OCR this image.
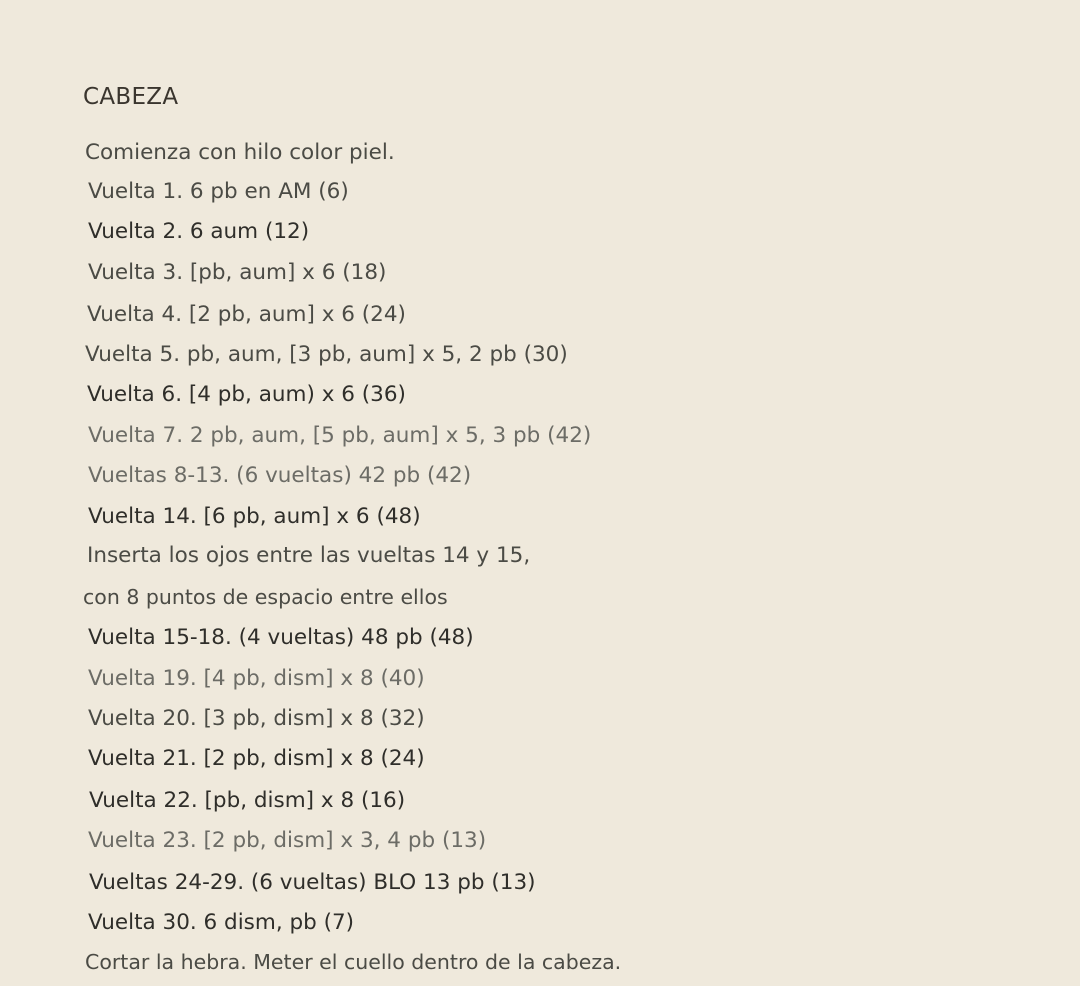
CABEZA
Comienza con hilo color piel.
Vuelta 1. 6 pb en AM (6)
Vuelta 2. 6 aum (12)
Vuelta 3. [pb, aum] x 6 (18)
Vuelta 4. [2 pb, aum] x 6 (24)
Vuelta 5. pb, aum, [3 pb, aum] x 5, 2 pb (30)
Vuelta 6. [4 pb, aum) x 6 (36)
Vuelta 7. 2 pb, aum, [5 pb, aum] x 5, 3 pb (42)
Vueltas 8-13. (6 vueltas) 42 pb (42)
Vuelta 14. [6 pb, aum] x 6 (48)
Inserta los ojos entre las vueltas 14 y 15,
con 8 puntos de espacio entre ellos
Vuelta 15-18. (4 vueltas) 48 pb (48)
Vuelta 19. [4 pb, dism] x 8 (40)
Vuelta 20. [3 pb, dism] x 8 (32)
Vuelta 21. [2 pb, dism] x 8 (24)
Vuelta 22. [pb, dism] x 8 (16)
Vuelta 23. [2 pb, dism] x 3, 4 pb (13)
Vueltas 24-29. (6 vueltas) BLO 13 pb (13)
Vuelta 30. 6 dism, pb (7)
Cortar la hebra. Meter el cuello dentro de la cabeza.
